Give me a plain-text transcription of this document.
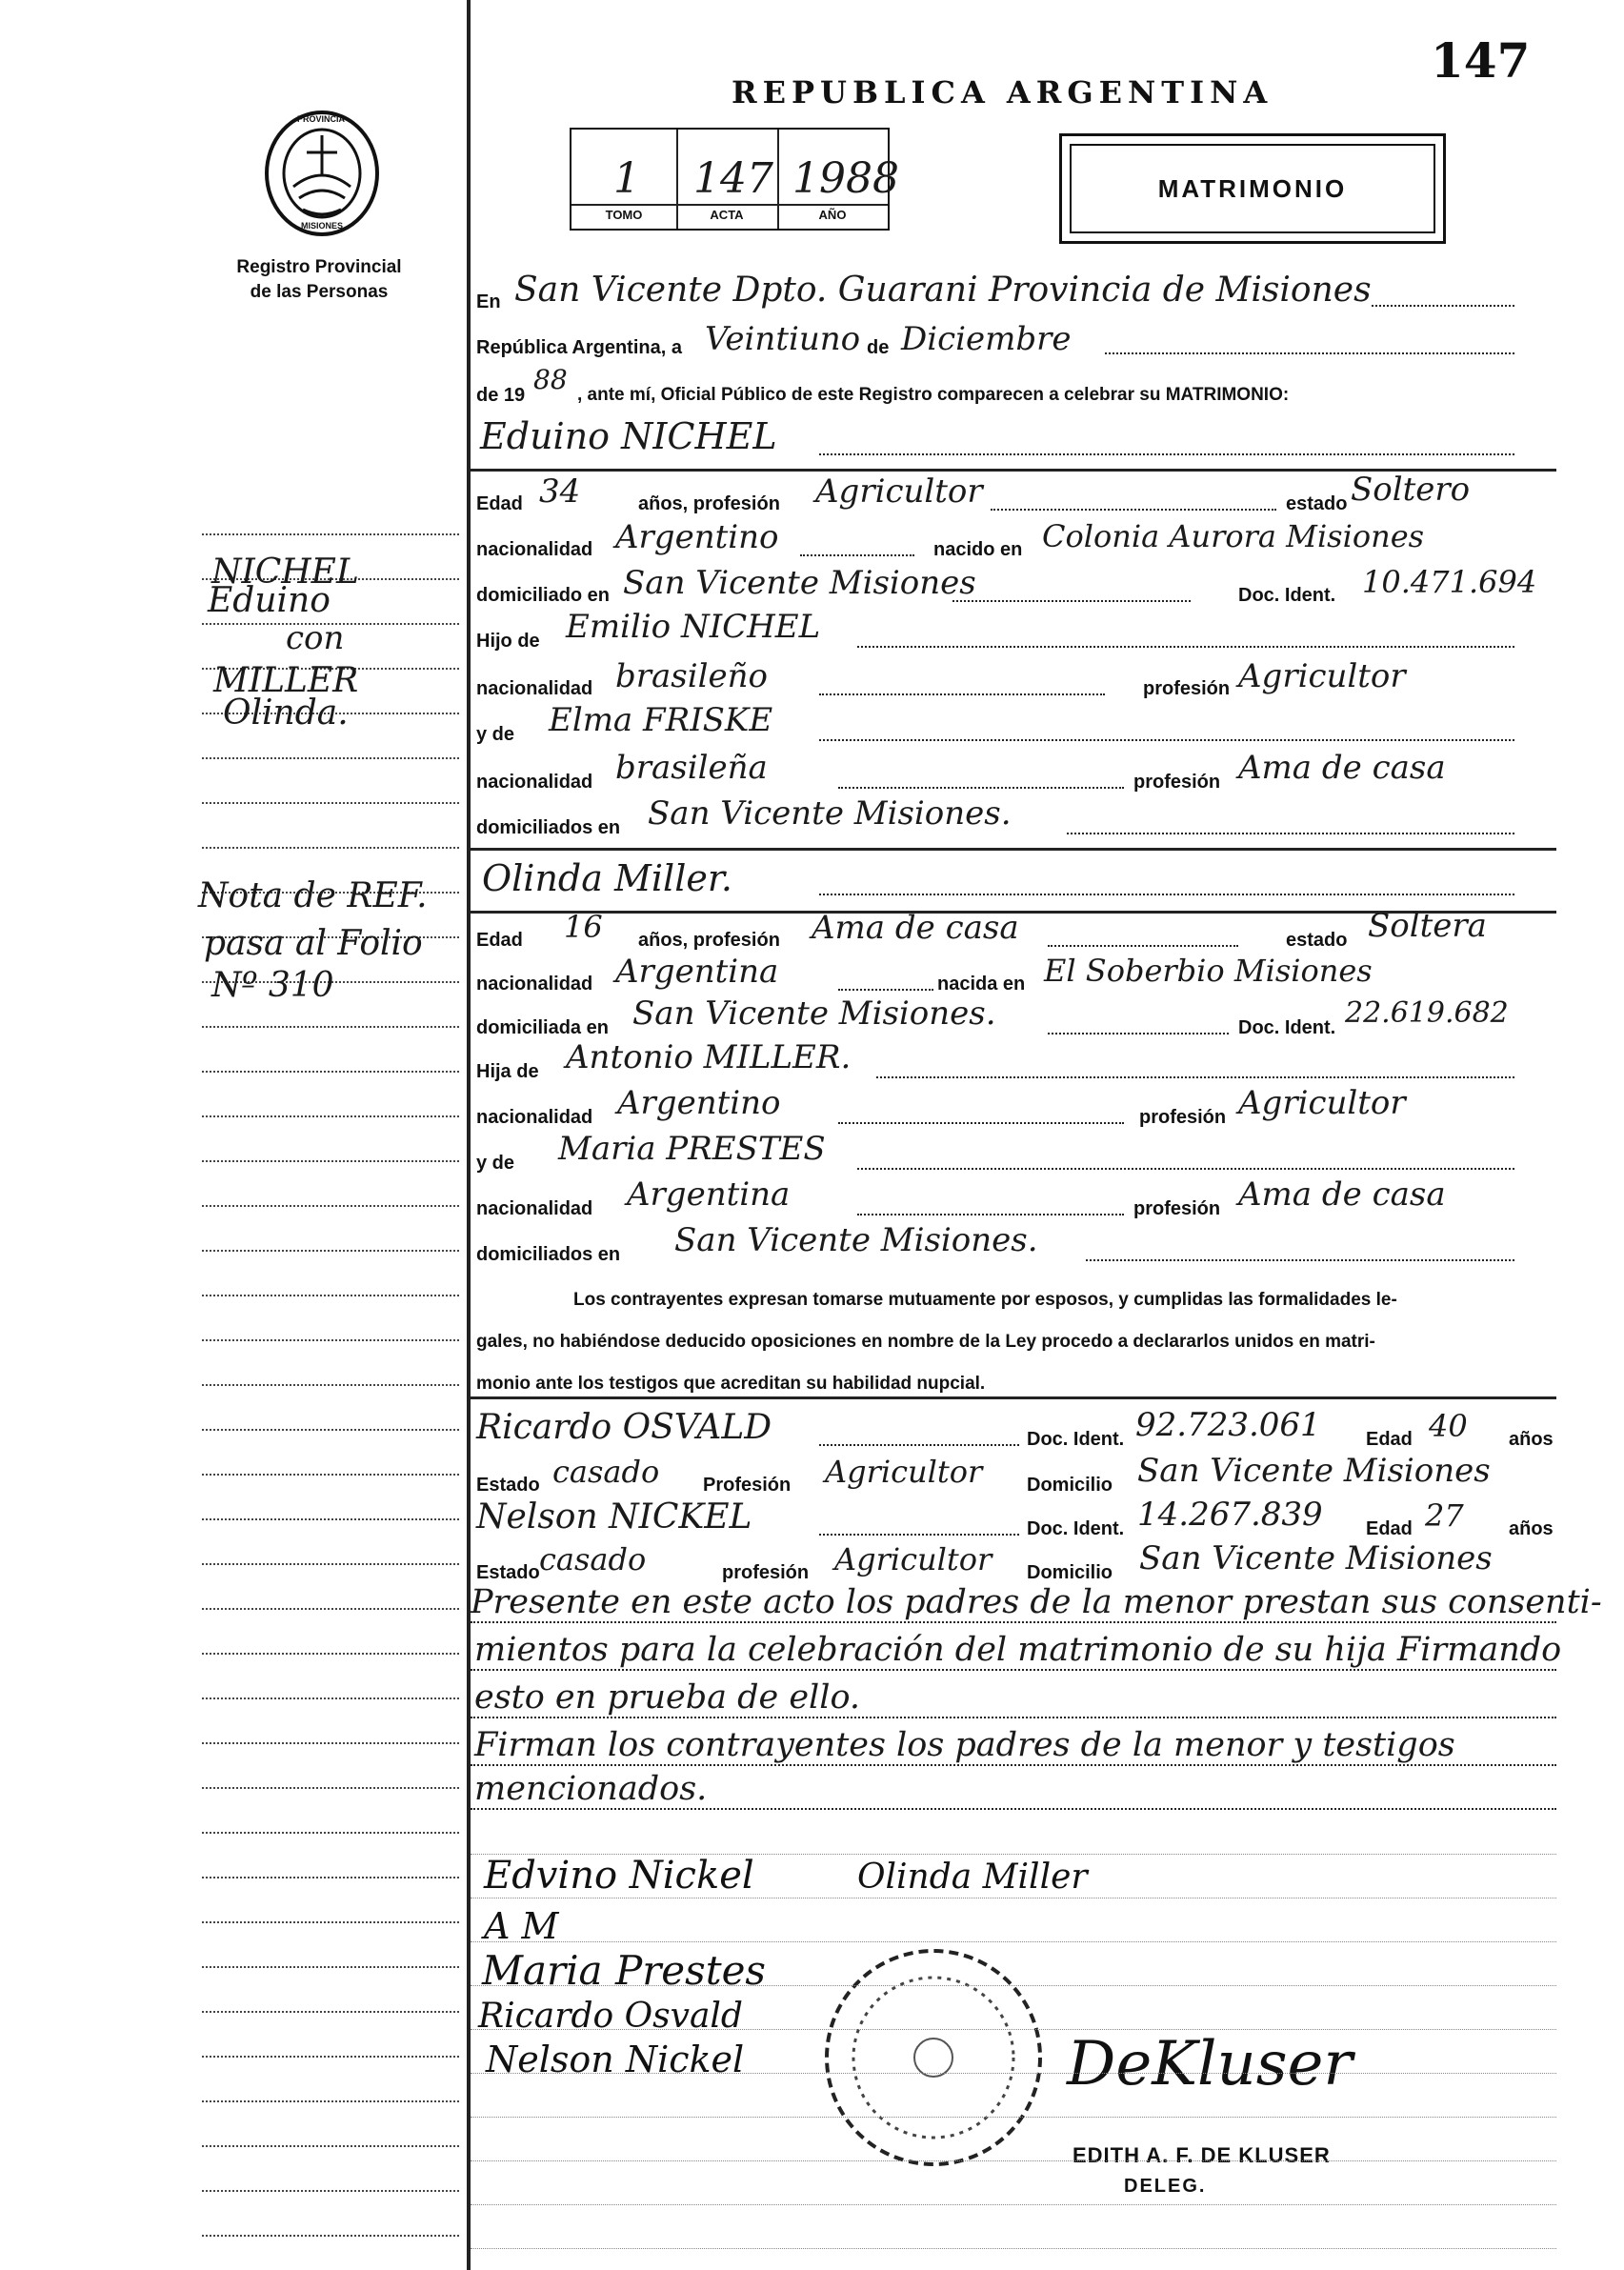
147
REPUBLICA ARGENTINA
1 147 1988
TOMO	ACTA	AÑO
MATRIMONIO
PROVINCIA
MISIONES
Registro Provincial
de las Personas
NICHEL
Eduino
con
MILLER
Olinda.
Nota de REF.
pasa al Folio
Nº 310
En San Vicente Dpto. Guarani Provincia de Misiones
República Argentina, a Veintiuno de Diciembre
de 19 88 , ante mí, Oficial Público de este Registro comparecen a celebrar su MATRIMONIO:
Eduino NICHEL
Edad 34	años, profesión Agricultor	estado Soltero
nacionalidad Argentino	nacido en Colonia Aurora Misiones
domiciliado en San Vicente Misiones	Doc. Ident. 10.471.694
Hijo de Emilio NICHEL
nacionalidad brasileño	profesión Agricultor
y de Elma FRISKE
nacionalidad brasileña	profesión Ama de casa
domiciliados en San Vicente Misiones.
Olinda Miller.
Edad 16 años, profesión Ama de casa	estado Soltera
nacionalidad Argentina	nacida en El Soberbio Misiones
domiciliada en San Vicente Misiones.	Doc. Ident. 22.619.682
Hija de Antonio MILLER.
nacionalidad Argentino	profesión Agricultor
y de Maria PRESTES
nacionalidad Argentina	profesión Ama de casa
domiciliados en San Vicente Misiones.
Los contrayentes expresan tomarse mutuamente por esposos, y cumplidas las formalidades le-
gales, no habiéndose deducido oposiciones en nombre de la Ley procedo a declararlos unidos en matri-
monio ante los testigos que acreditan su habilidad nupcial.
Ricardo OSVALD	Doc. Ident. 92.723.061 Edad 40 años
Estado casado Profesión Agricultor Domicilio San Vicente Misiones
Nelson NICKEL	Doc. Ident. 14.267.839 Edad 27 años
Estado casado	profesión Agricultor Domicilio San Vicente Misiones
Presente en este acto los padres de la menor prestan sus consenti-
mientos para la celebración del matrimonio de su hija Firmando
esto en prueba de ello.
Firman los contrayentes los padres de la menor y testigos
mencionados.
Edvino Nickel	Olinda Miller
A M
Maria Prestes
Ricardo Osvald
Nelson Nickel	DeKluser
EDITH A. F. DE KLUSER
DELEG.
